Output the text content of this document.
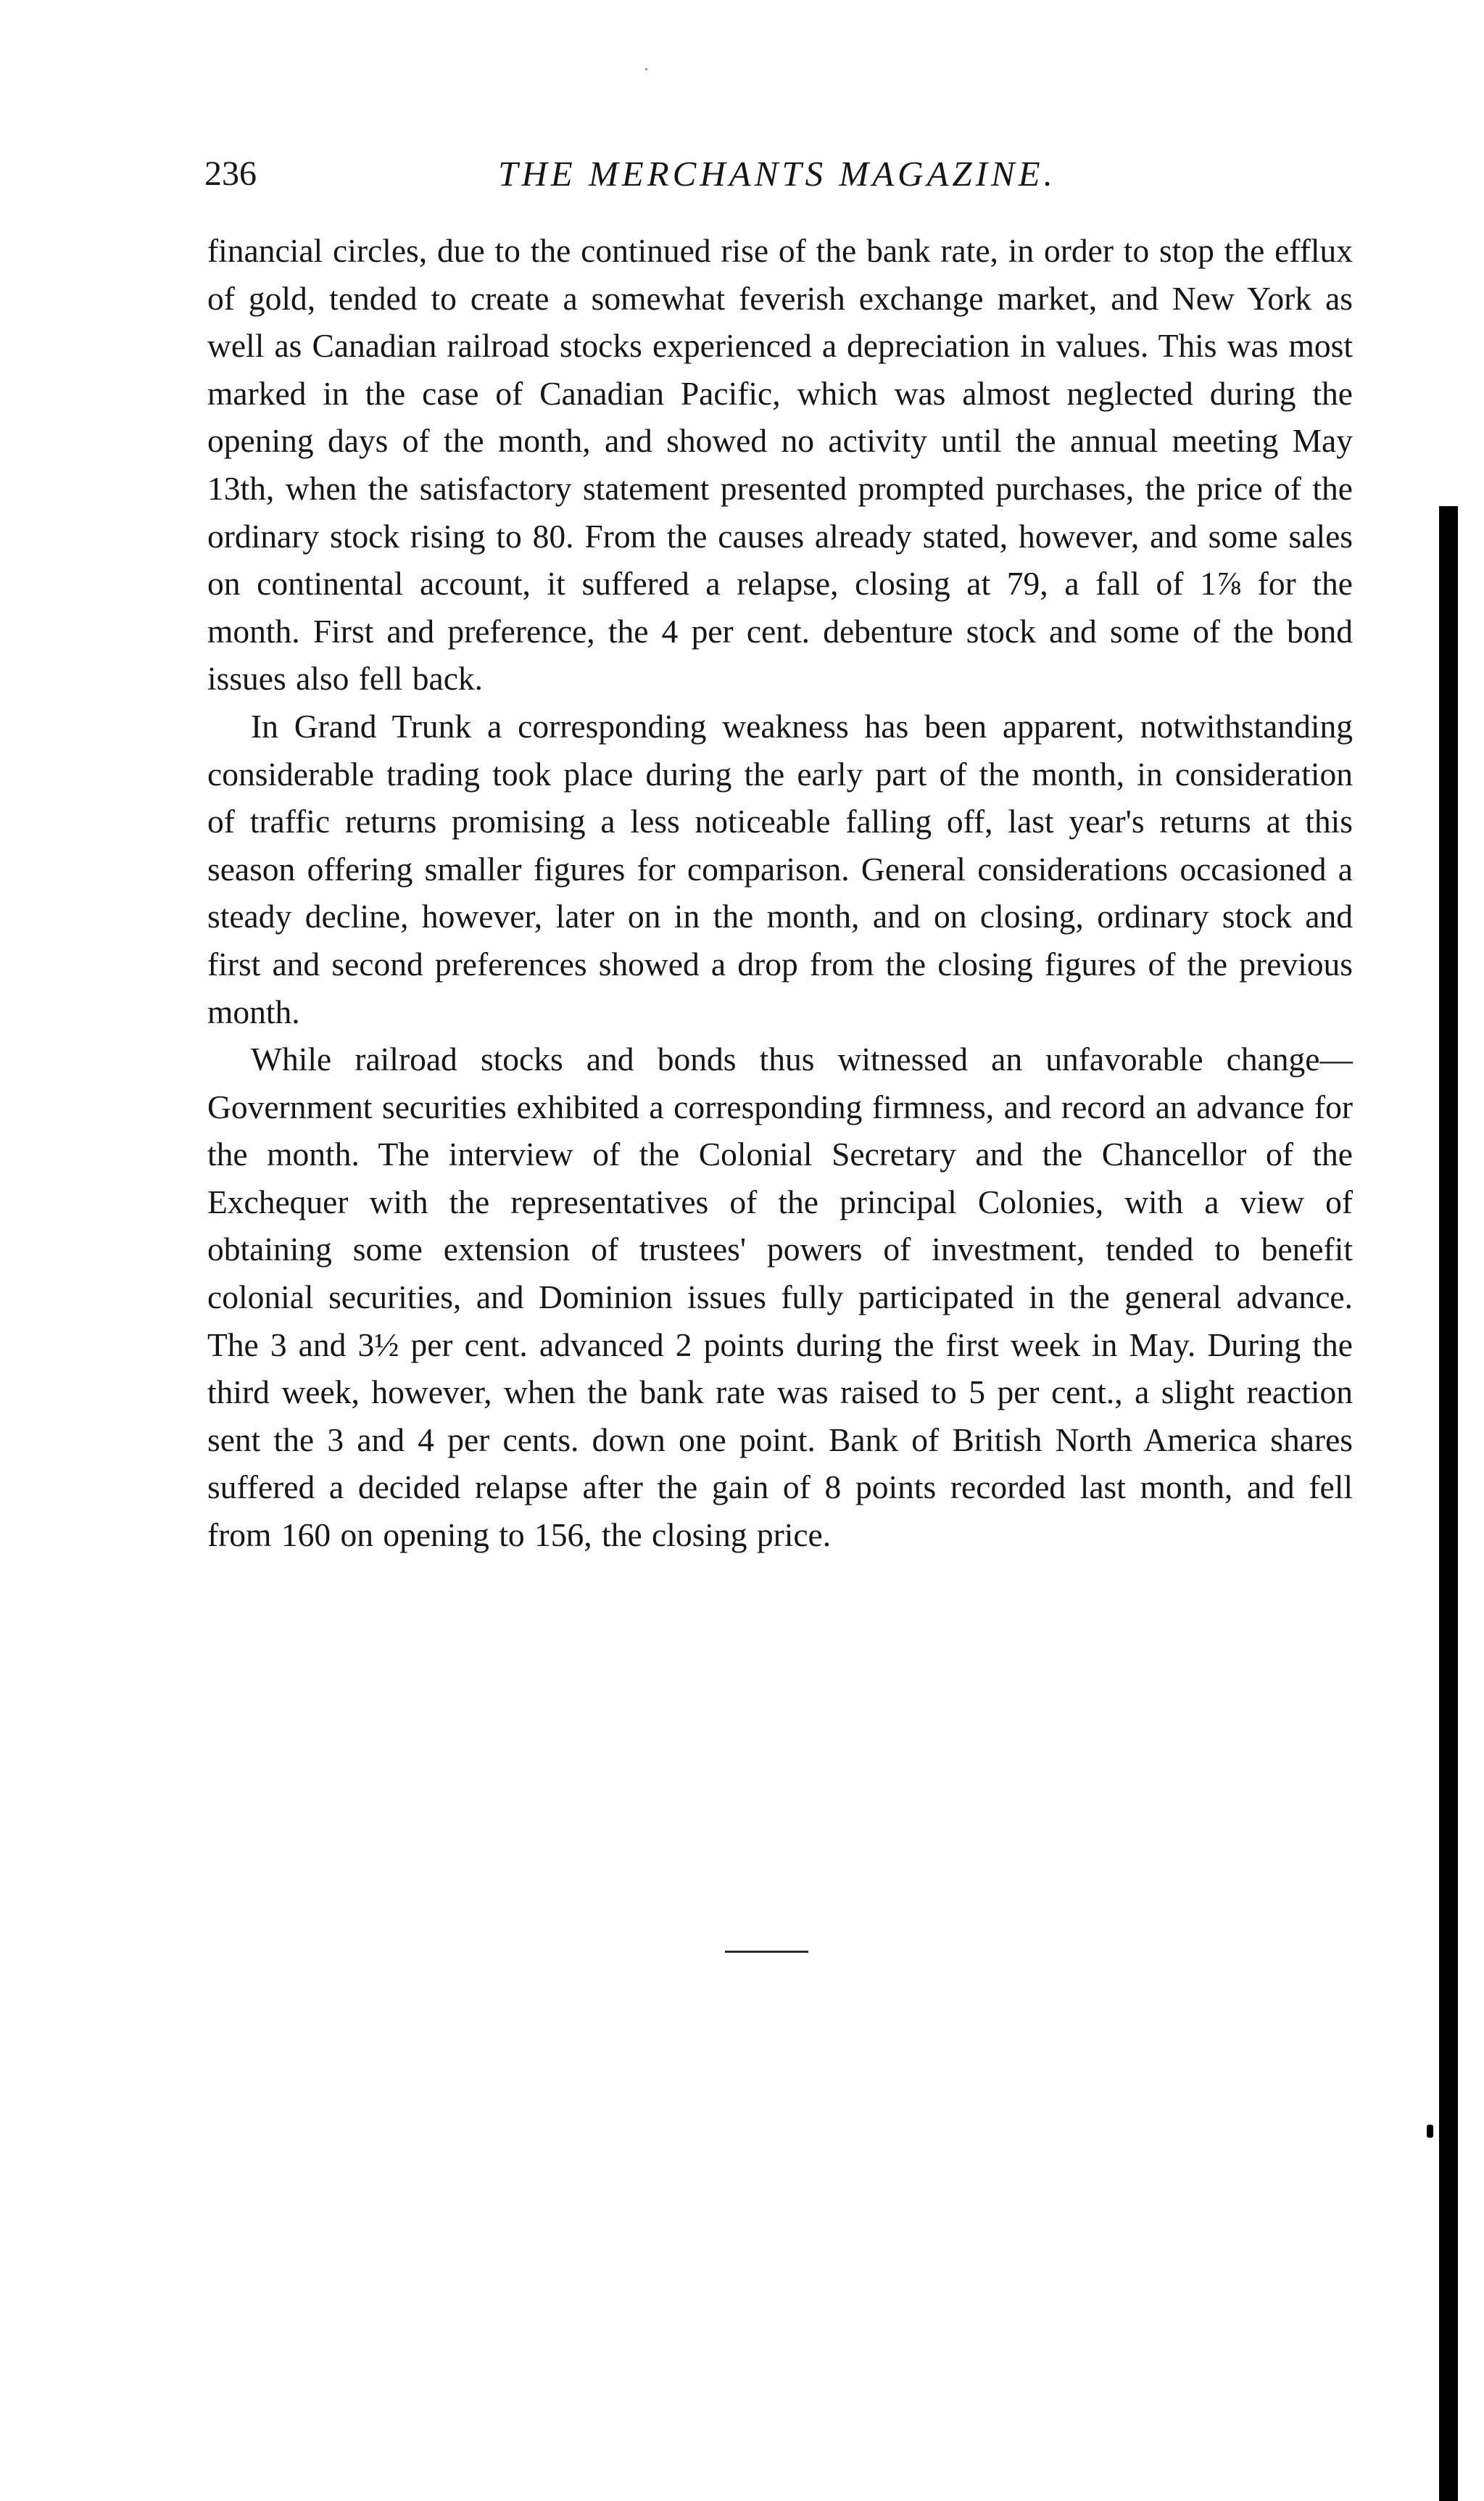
236	THE MERCHANTS MAGAZINE.

financial circles, due to the continued rise of the bank rate, in order to stop the efflux of gold, tended to create a somewhat feverish exchange market, and New York as well as Canadian railroad stocks experienced a depreciation in values. This was most marked in the case of Canadian Pacific, which was almost neglected during the opening days of the month, and showed no activity until the annual meeting May 13th, when the satisfactory statement presented prompted purchases, the price of the ordinary stock rising to 80. From the causes already stated, however, and some sales on continental account, it suffered a relapse, closing at 79, a fall of 1⅞ for the month. First and preference, the 4 per cent. debenture stock and some of the bond issues also fell back.

In Grand Trunk a corresponding weakness has been apparent, notwithstanding considerable trading took place during the early part of the month, in consideration of traffic returns promising a less noticeable falling off, last year's returns at this season offering smaller figures for comparison. General considerations occasioned a steady decline, however, later on in the month, and on closing, ordinary stock and first and second preferences showed a drop from the closing figures of the previous month.

While railroad stocks and bonds thus witnessed an unfavorable change—Government securities exhibited a corresponding firmness, and record an advance for the month. The interview of the Colonial Secretary and the Chancellor of the Exchequer with the representatives of the principal Colonies, with a view of obtaining some extension of trustees' powers of investment, tended to benefit colonial securities, and Dominion issues fully participated in the general advance. The 3 and 3½ per cent. advanced 2 points during the first week in May. During the third week, however, when the bank rate was raised to 5 per cent., a slight reaction sent the 3 and 4 per cents. down one point. Bank of British North America shares suffered a decided relapse after the gain of 8 points recorded last month, and fell from 160 on opening to 156, the closing price.
